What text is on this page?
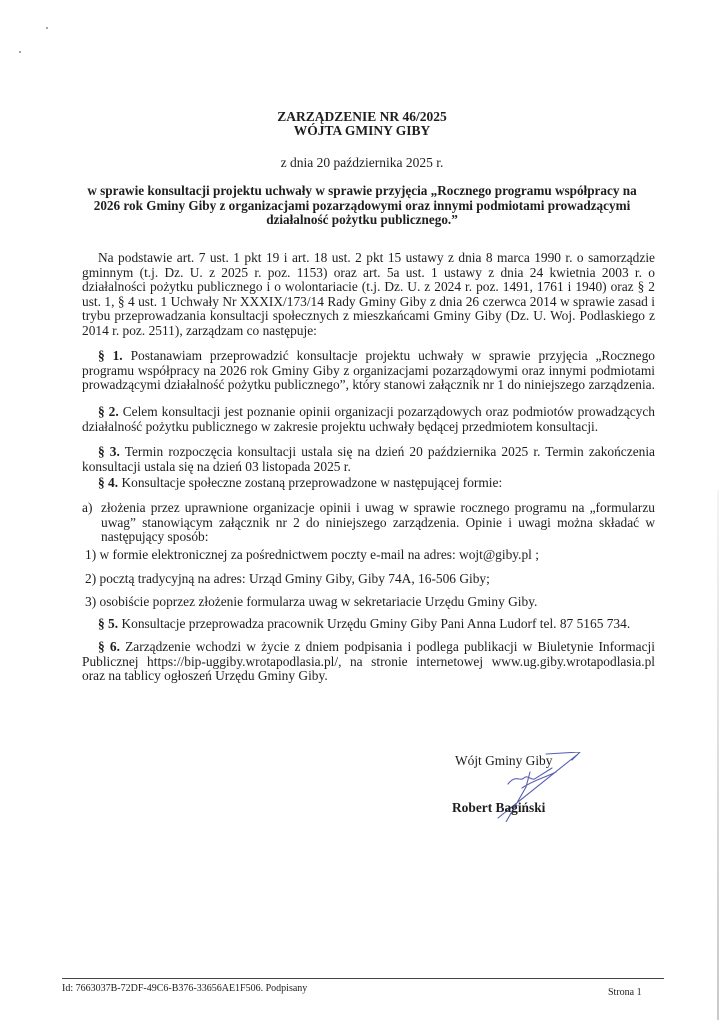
ZARZĄDZENIE NR 46/2025
WÓJTA GMINY GIBY
z dnia 20 października 2025 r.
w sprawie konsultacji projektu uchwały w sprawie przyjęcia „Rocznego programu współpracy na
2026 rok Gminy Giby z organizacjami pozarządowymi oraz innymi podmiotami prowadzącymi
działalność pożytku publicznego.”
Na podstawie art. 7 ust. 1 pkt 19 i art. 18 ust. 2 pkt 15 ustawy z dnia 8 marca 1990 r. o samorządzie gminnym (t.j. Dz. U. z 2025 r. poz. 1153) oraz art. 5a ust. 1 ustawy z dnia 24 kwietnia 2003 r. o działalności pożytku publicznego i o wolontariacie (t.j. Dz. U. z 2024 r. poz. 1491, 1761 i 1940) oraz § 2 ust. 1, § 4 ust. 1 Uchwały Nr XXXIX/173/14 Rady Gminy Giby z dnia 26 czerwca 2014 w sprawie zasad i trybu przeprowadzania konsultacji społecznych z mieszkańcami Gminy Giby (Dz. U. Woj. Podlaskiego z 2014 r. poz. 2511), zarządzam co następuje:
§ 1. Postanawiam przeprowadzić konsultacje projektu uchwały w sprawie przyjęcia „Rocznego programu współpracy na 2026 rok Gminy Giby z organizacjami pozarządowymi oraz innymi podmiotami prowadzącymi działalność pożytku publicznego”, który stanowi załącznik nr 1 do niniejszego zarządzenia.
§ 2. Celem konsultacji jest poznanie opinii organizacji pozarządowych oraz podmiotów prowadzących działalność pożytku publicznego w zakresie projektu uchwały będącej przedmiotem konsultacji.
§ 3. Termin rozpoczęcia konsultacji ustala się na dzień 20 października 2025 r. Termin zakończenia konsultacji ustala się na dzień 03 listopada 2025 r.
§ 4. Konsultacje społeczne zostaną przeprowadzone w następującej formie:
a) złożenia przez uprawnione organizacje opinii i uwag w sprawie rocznego programu na „formularzu uwag” stanowiącym załącznik nr 2 do niniejszego zarządzenia. Opinie i uwagi można składać w następujący sposób:
1) w formie elektronicznej za pośrednictwem poczty e-mail na adres: wojt@giby.pl ;
2) pocztą tradycyjną na adres: Urząd Gminy Giby, Giby 74A, 16-506 Giby;
3) osobiście poprzez złożenie formularza uwag w sekretariacie Urzędu Gminy Giby.
§ 5. Konsultacje przeprowadza pracownik Urzędu Gminy Giby Pani Anna Ludorf tel. 87 5165 734.
§ 6. Zarządzenie wchodzi w życie z dniem podpisania i podlega publikacji w Biuletynie Informacji Publicznej https://bip-uggiby.wrotapodlasia.pl/, na stronie internetowej www.ug.giby.wrotapodlasia.pl oraz na tablicy ogłoszeń Urzędu Gminy Giby.
Wójt Gminy Giby
Robert Bagiński
Id: 7663037B-72DF-49C6-B376-33656AE1F506. Podpisany	Strona 1
